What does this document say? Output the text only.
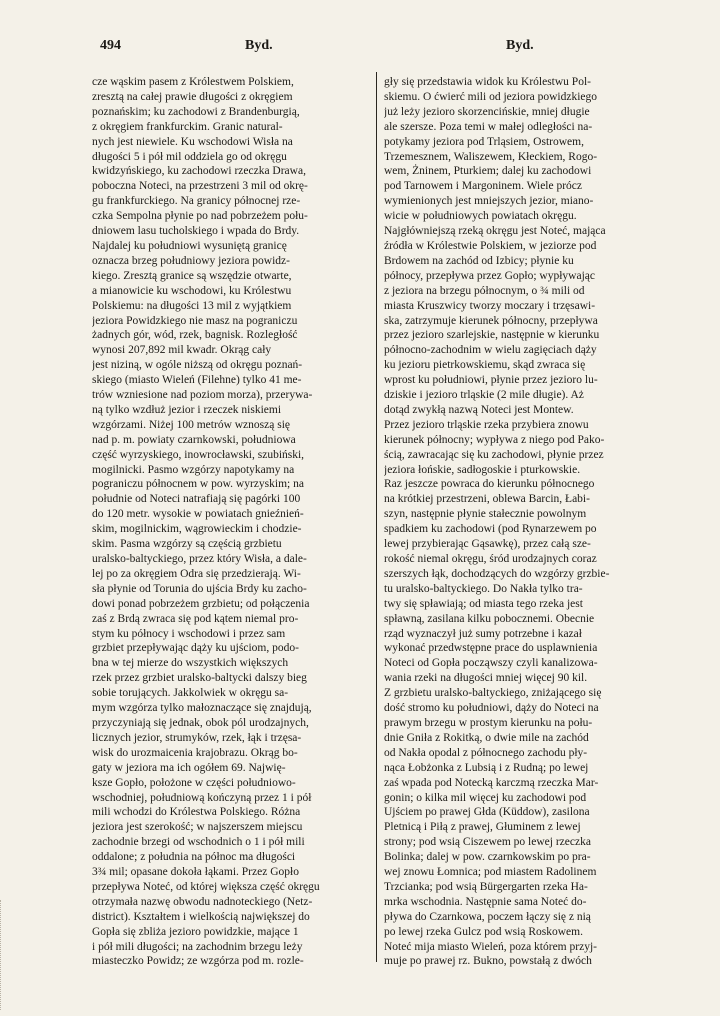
494	Byd.	Byd.
cze wąskim pasem z Królestwem Polskiem,
zresztą na całej prawie długości z okręgiem
poznańskim; ku zachodowi z Brandenburgią,
z okręgiem frankfurckim. Granic natural-
nych jest niewiele. Ku wschodowi Wisła na
długości 5 i pół mil oddziela go od okręgu
kwidzyńskiego, ku zachodowi rzeczka Drawa,
poboczna Noteci, na przestrzeni 3 mil od okrę-
gu frankfurckiego. Na granicy północnej rze-
czka Sempolna płynie po nad pobrzeżem połu-
dniowem lasu tucholskiego i wpada do Brdy.
Najdalej ku południowi wysuniętą granicę
oznacza brzeg południowy jeziora powidz-
kiego. Zresztą granice są wszędzie otwarte,
a mianowicie ku wschodowi, ku Królestwu
Polskiemu: na długości 13 mil z wyjątkiem
jeziora Powidzkiego nie masz na pograniczu
żadnych gór, wód, rzek, bagnisk. Rozległość
wynosi 207,892 mil kwadr. Okrąg cały
jest niziną, w ogóle niższą od okręgu poznań-
skiego (miasto Wieleń (Filehne) tylko 41 me-
trów wzniesione nad poziom morza), przerywa-
ną tylko wzdłuż jezior i rzeczek niskiemi
wzgórzami. Niżej 100 metrów wznoszą się
nad p. m. powiaty czarnkowski, południowa
część wyrzyskiego, inowrocławski, szubiński,
mogilnicki. Pasmo wzgórzy napotykamy na
pograniczu północnem w pow. wyrzyskim; na
południe od Noteci natrafiają się pagórki 100
do 120 metr. wysokie w powiatach gnieźnień-
skim, mogilnickim, wągrowieckim i chodzie-
skim. Pasma wzgórzy są częścią grzbietu
uralsko-baltyckiego, przez który Wisła, a dale-
lej po za okręgiem Odra się przedzierają. Wi-
sła płynie od Torunia do ujścia Brdy ku zacho-
dowi ponad pobrzeżem grzbietu; od połączenia
zaś z Brdą zwraca się pod kątem niemal pro-
stym ku północy i wschodowi i przez sam
grzbiet przepływając dąży ku ujściom, podo-
bna w tej mierze do wszystkich większych
rzek przez grzbiet uralsko-baltycki dalszy bieg
sobie torujących. Jakkolwiek w okręgu sa-
mym wzgórza tylko małoznaczące się znajdują,
przyczyniają się jednak, obok pól urodzajnych,
licznych jezior, strumyków, rzek, łąk i trzęsa-
wisk do urozmaicenia krajobrazu. Okrąg bo-
gaty w jeziora ma ich ogółem 69. Najwię-
ksze Gopło, położone w części południowo-
wschodniej, południową kończyną przez 1 i pół
mili wchodzi do Królestwa Polskiego. Różna
jeziora jest szerokość; w najszerszem miejscu
zachodnie brzegi od wschodnich o 1 i pół mili
oddalone; z południa na północ ma długości
3¾ mil; opasane dokoła łąkami. Przez Gopło
przepływa Noteć, od której większa część okręgu
otrzymała nazwę obwodu nadnoteckiego (Netz-
district). Kształtem i wielkością największej do
Gopła się zbliża jezioro powidzkie, mające 1
i pół mili długości; na zachodnim brzegu leży
miasteczko Powidz; ze wzgórza pod m. rozle-
gły się przedstawia widok ku Królestwu Pol-
skiemu. O ćwierć mili od jeziora powidzkiego
już leży jezioro skorzencińskie, mniej długie
ale szersze. Poza temi w małej odległości na-
potykamy jeziora pod Trląsiem, Ostrowem,
Trzemesznem, Waliszewem, Kłeckiem, Rogo-
wem, Żninem, Pturkiem; dalej ku zachodowi
pod Tarnowem i Margoninem. Wiele prócz
wymienionych jest mniejszych jezior, miano-
wicie w południowych powiatach okręgu.
Najgłówniejszą rzeką okręgu jest Noteć, mająca
źródła w Królestwie Polskiem, w jeziorze pod
Brdowem na zachód od Izbicy; płynie ku
północy, przepływa przez Gopło; wypływając
z jeziora na brzegu północnym, o ¾ mili od
miasta Kruszwicy tworzy moczary i trzęsawi-
ska, zatrzymuje kierunek północny, przepływa
przez jezioro szarlejskie, następnie w kierunku
północno-zachodnim w wielu zagięciach dąży
ku jezioru pietrkowskiemu, skąd zwraca się
wprost ku południowi, płynie przez jezioro lu-
dziskie i jezioro trląskie (2 mile długie). Aż
dotąd zwykłą nazwą Noteci jest Montew.
Przez jezioro trląskie rzeka przybiera znowu
kierunek północny; wypływa z niego pod Pako-
ścią, zawracając się ku zachodowi, płynie przez
jeziora łońskie, sadłogoskie i pturkowskie.
Raz jeszcze powraca do kierunku północnego
na krótkiej przestrzeni, oblewa Barcin, Łabi-
szyn, następnie płynie stałecznie powolnym
spadkiem ku zachodowi (pod Rynarzewem po
lewej przybierając Gąsawkę), przez całą sze-
rokość niemal okręgu, śród urodzajnych coraz
szerszych łąk, dochodzących do wzgórzy grzbie-
tu uralsko-baltyckiego. Do Nakła tylko tra-
twy się spławiają; od miasta tego rzeka jest
spławną, zasilana kilku pobocznemi. Obecnie
rząd wyznaczył już sumy potrzebne i kazał
wykonać przedwstępne prace do usplawnienia
Noteci od Gopła począwszy czyli kanalizowa-
wania rzeki na długości mniej więcej 90 kil.
Z grzbietu uralsko-baltyckiego, zniżającego się
dość stromo ku południowi, dąży do Noteci na
prawym brzegu w prostym kierunku na połu-
dnie Gniła z Rokitką, o dwie mile na zachód
od Nakła opodal z północnego zachodu pły-
nąca Łobżonka z Lubsią i z Rudną; po lewej
zaś wpada pod Notecką karczmą rzeczka Mar-
gonin; o kilka mil więcej ku zachodowi pod
Ujściem po prawej Głda (Küddow), zasilona
Pletnicą i Piłą z prawej, Głuminem z lewej
strony; pod wsią Ciszewem po lewej rzeczka
Bolinka; dalej w pow. czarnkowskim po pra-
wej znowu Łomnica; pod miastem Radolinem
Trzcianka; pod wsią Bürgergarten rzeka Ha-
mrka wschodnia. Następnie sama Noteć do-
pływa do Czarnkowa, poczem łączy się z nią
po lewej rzeka Gulcz pod wsią Roskowem.
Noteć mija miasto Wieleń, poza którem przyj-
muje po prawej rz. Bukno, powstałą z dwóch
